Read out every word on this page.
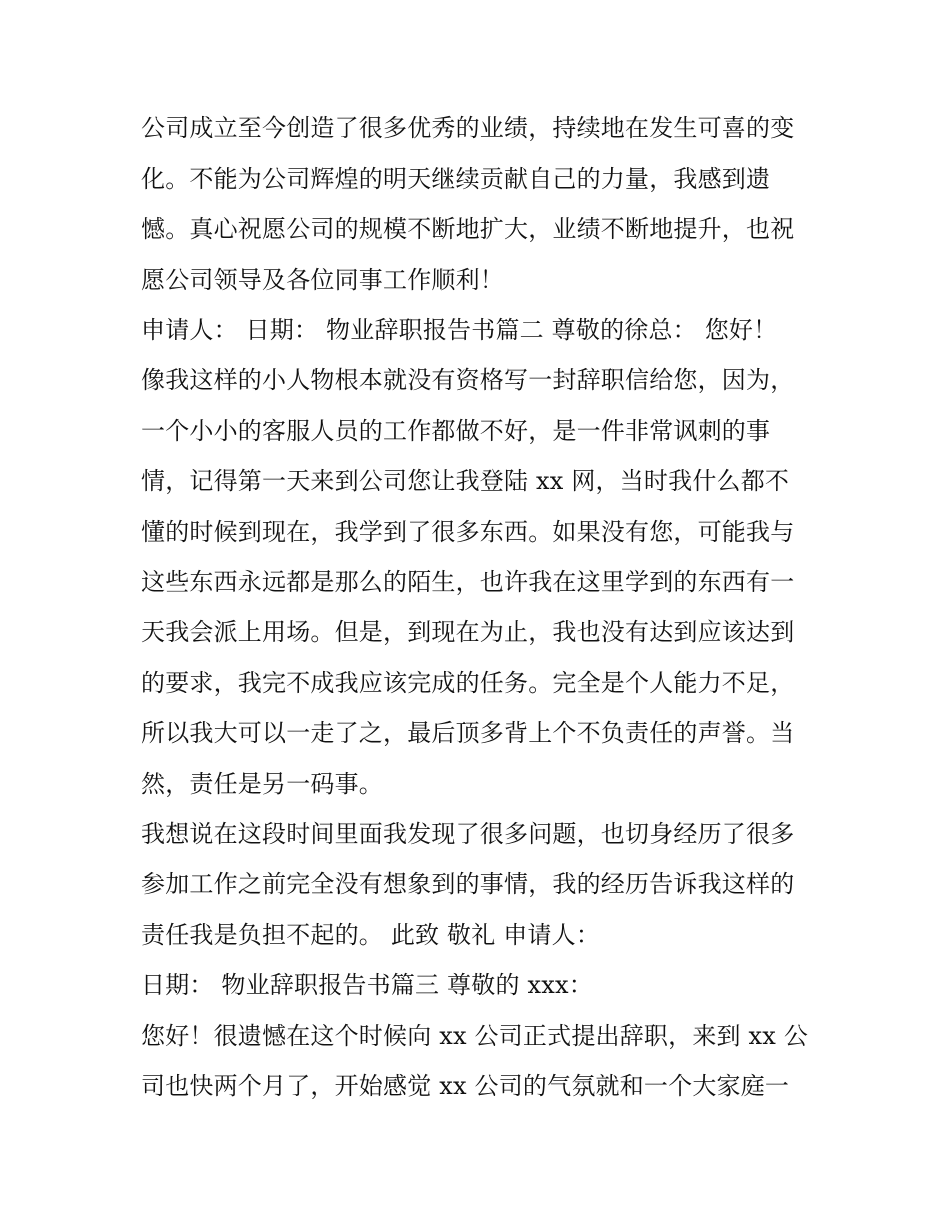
公司成立至今创造了很多优秀的业绩，持续地在发生可喜的变
化。不能为公司辉煌的明天继续贡献自己的力量，我感到遗
憾。真心祝愿公司的规模不断地扩大，业绩不断地提升，也祝
愿公司领导及各位同事工作顺利！
申请人： 日期： 物业辞职报告书篇二 尊敬的徐总： 您好！
像我这样的小人物根本就没有资格写一封辞职信给您，因为，
一个小小的客服人员的工作都做不好，是一件非常讽刺的事
情，记得第一天来到公司您让我登陆 xx 网，当时我什么都不
懂的时候到现在，我学到了很多东西。如果没有您，可能我与
这些东西永远都是那么的陌生，也许我在这里学到的东西有一
天我会派上用场。但是，到现在为止，我也没有达到应该达到
的要求，我完不成我应该完成的任务。完全是个人能力不足，
所以我大可以一走了之，最后顶多背上个不负责任的声誉。当
然，责任是另一码事。
我想说在这段时间里面我发现了很多问题，也切身经历了很多
参加工作之前完全没有想象到的事情，我的经历告诉我这样的
责任我是负担不起的。 此致 敬礼 申请人：
日期： 物业辞职报告书篇三 尊敬的 xxx：
您好！很遗憾在这个时候向 xx 公司正式提出辞职，来到 xx 公
司也快两个月了，开始感觉 xx 公司的气氛就和一个大家庭一
